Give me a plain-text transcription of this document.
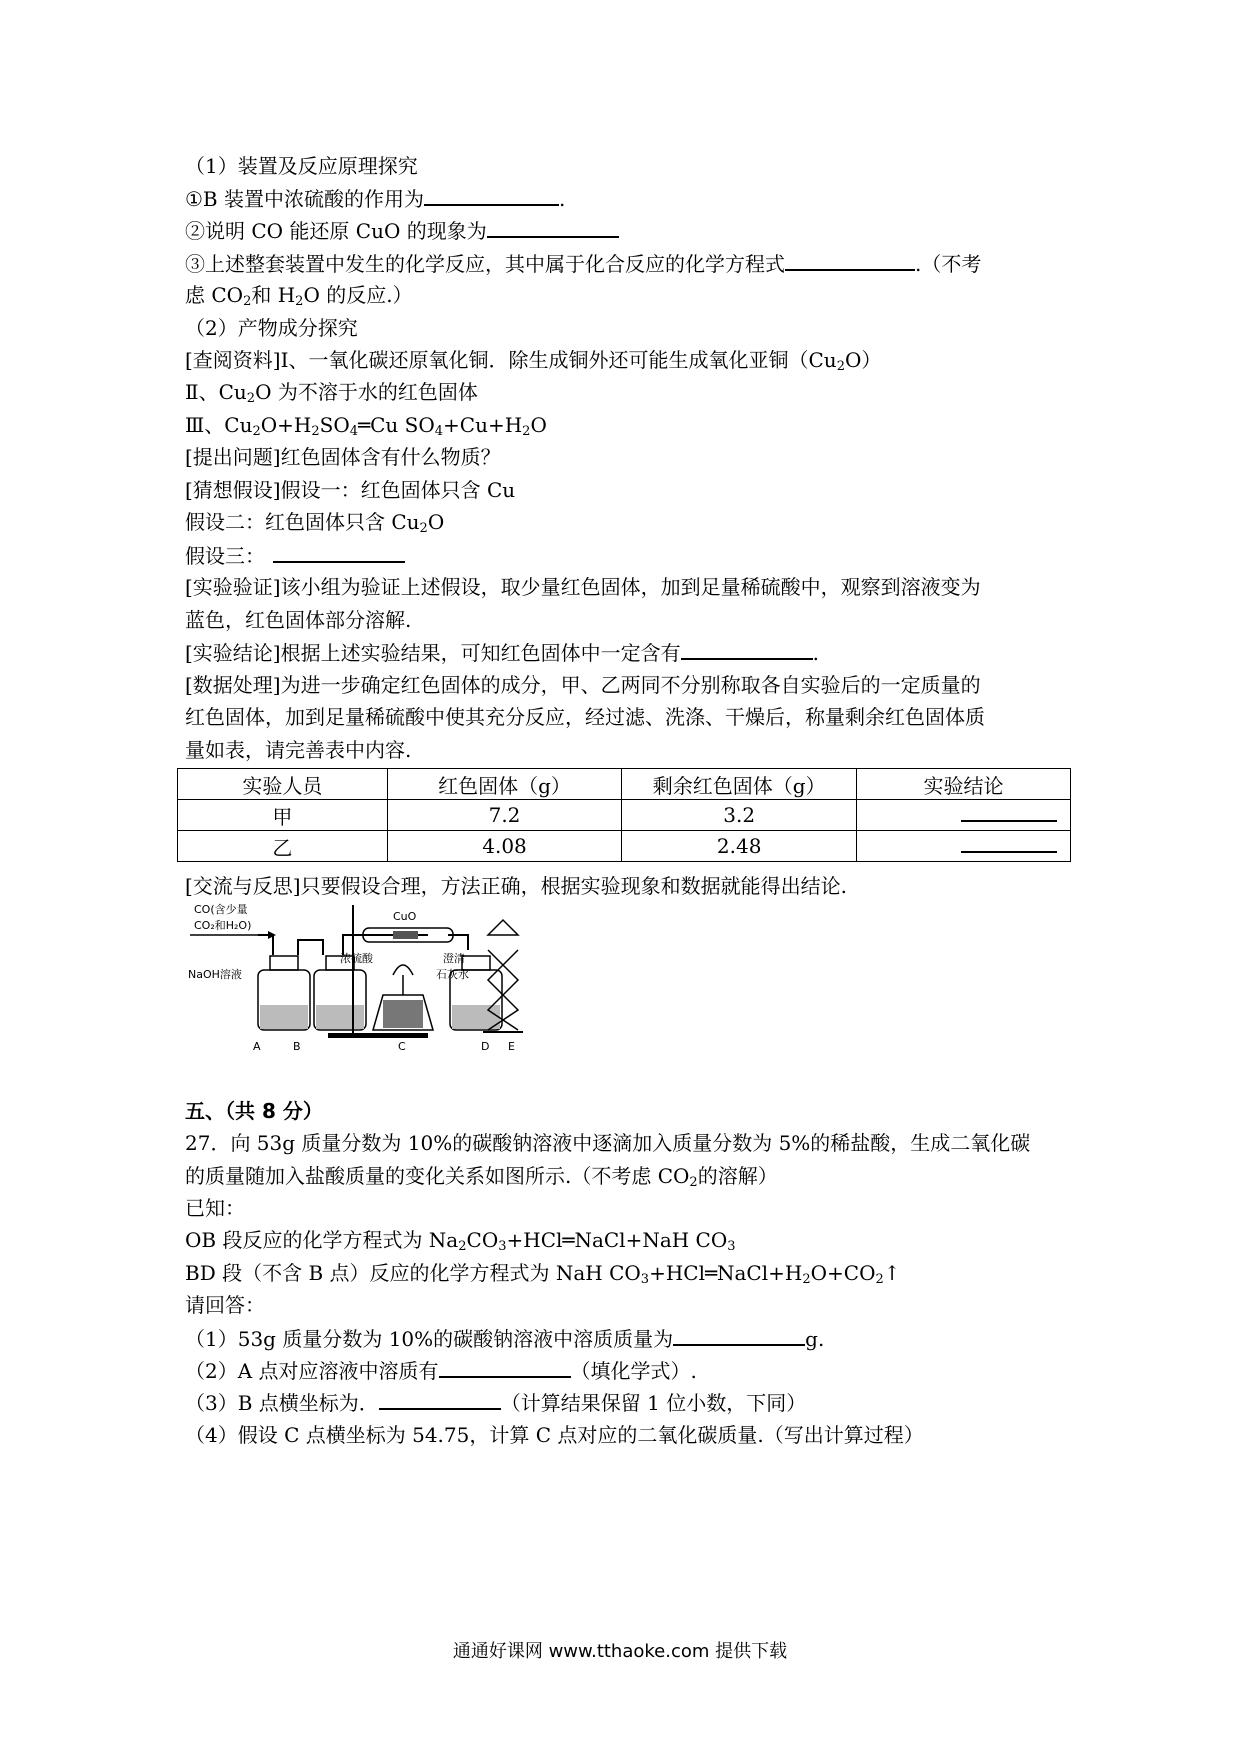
（1）装置及反应原理探究
①B 装置中浓硫酸的作用为	.
②说明 CO 能还原 CuO 的现象为
③上述整套装置中发生的化学反应，其中属于化合反应的化学方程式	.（不考
虑 $CO_2$和 $H_2O$ 的反应.）
（2）产物成分探究
[查阅资料]Ⅰ、一氧化碳还原氧化铜．除生成铜外还可能生成氧化亚铜$(Cu_2O)$
Ⅱ、$Cu_2O$ 为不溶于水的红色固体
Ⅲ、$Cu_2O+H_2SO_4═Cu$ $SO_4+Cu+H_2O$
[提出问题]红色固体含有什么物质？
[猜想假设]假设一：红色固体只含 Cu
假设二：红色固体只含 $Cu_2O$
假设三：
[实验验证]该小组为验证上述假设，取少量红色固体，加到足量稀硫酸中，观察到溶液变为
蓝色，红色固体部分溶解.
[实验结论]根据上述实验结果，可知红色固体中一定含有	.
[数据处理]为进一步确定红色固体的成分，甲、乙两同不分别称取各自实验后的一定质量的
红色固体，加到足量稀硫酸中使其充分反应，经过滤、洗涤、干燥后，称量剩余红色固体质
量如表，请完善表中内容.
实验人员	红色固体（g）	剩余红色固体（g）	实验结论
甲	7.2	3.2	
乙	4.08	2.48	
[交流与反思]只要假设合理，方法正确，根据实验现象和数据就能得出结论.
CO(含少量
CO₂和H₂O)
NaOH溶液
浓硫酸
CuO
澄清
石灰水
A	B	C	D E
五、（共 8 分）
27．向 53g 质量分数为 10%的碳酸钠溶液中逐滴加入质量分数为 5%的稀盐酸，生成二氧化碳
的质量随加入盐酸质量的变化关系如图所示.（不考虑 $CO_2$的溶解）
已知：
OB 段反应的化学方程式为 $Na_2CO_3+HCl═NaCl+NaH$ $CO_3$
BD 段（不含 B 点）反应的化学方程式为 NaH $CO_3+HCl═NaCl+H_2O+CO_2↑$
请回答：
（1）53g 质量分数为 10%的碳酸钠溶液中溶质质量为	g.
（2）A 点对应溶液中溶质有	（填化学式）.
（3）B 点横坐标为．	（计算结果保留 1 位小数，下同）
（4）假设 C 点横坐标为 54.75，计算 C 点对应的二氧化碳质量.（写出计算过程）
通通好课网 www.tthaoke.com 提供下载
